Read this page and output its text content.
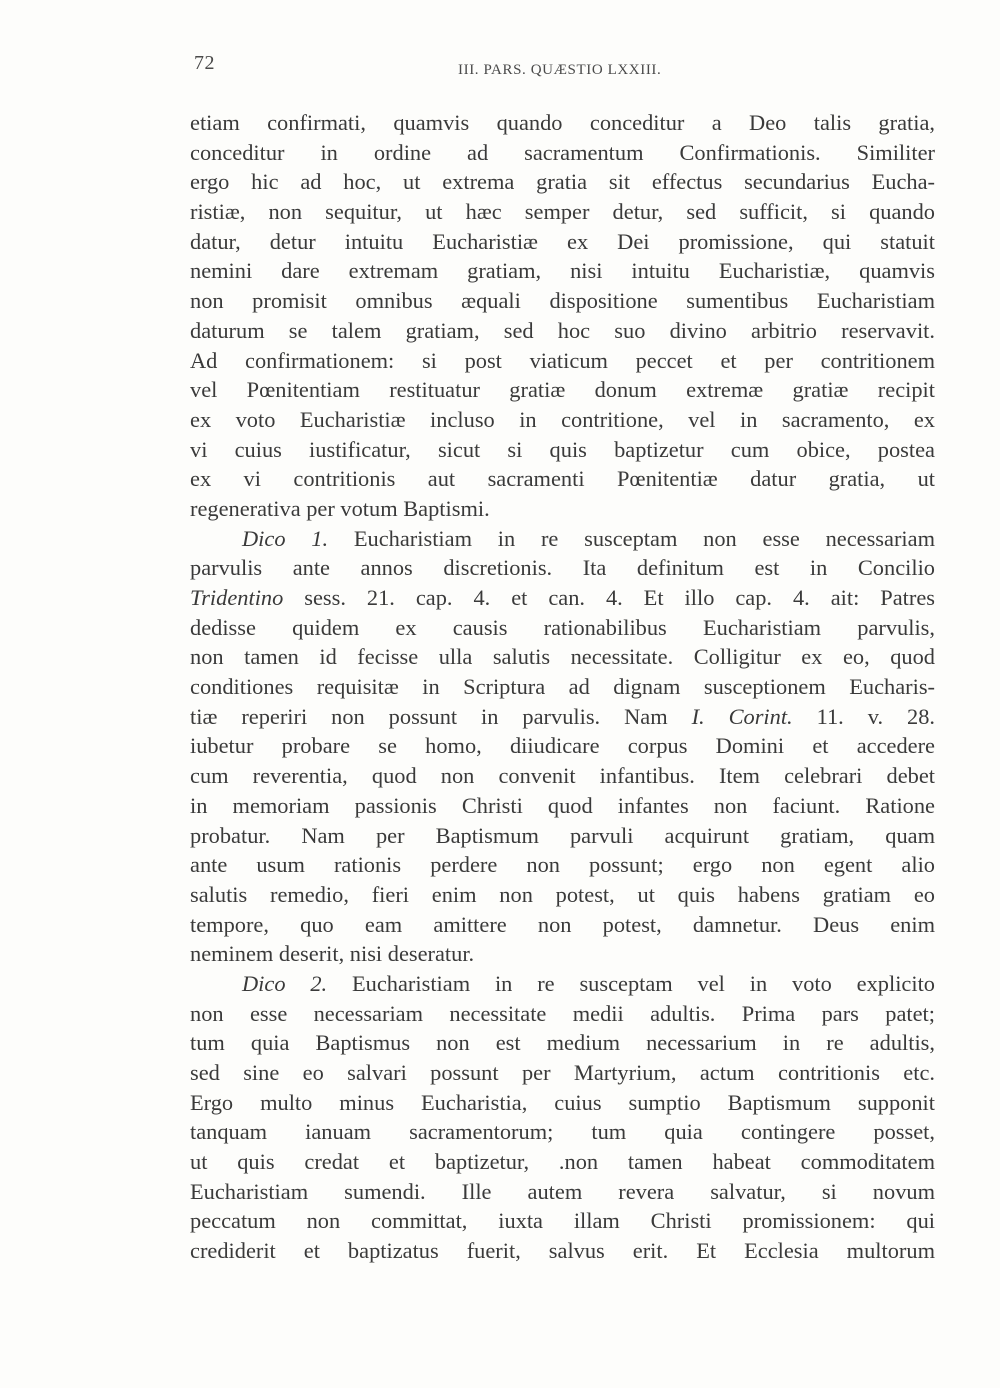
72	III. PARS. QUÆSTIO LXXIII.
etiam confirmati, quamvis quando conceditur a Deo talis gratia,
conceditur in ordine ad sacramentum Confirmationis. Similiter
ergo hic ad hoc, ut extrema gratia sit effectus secundarius Eucha-
ristiæ, non sequitur, ut hæc semper detur, sed sufficit, si quando
datur, detur intuitu Eucharistiæ ex Dei promissione, qui statuit
nemini dare extremam gratiam, nisi intuitu Eucharistiæ, quamvis
non promisit omnibus æquali dispositione sumentibus Eucharistiam
daturum se talem gratiam, sed hoc suo divino arbitrio reservavit.
Ad confirmationem: si post viaticum peccet et per contritionem
vel Pœnitentiam restituatur gratiæ donum extremæ gratiæ recipit
ex voto Eucharistiæ incluso in contritione, vel in sacramento, ex
vi cuius iustificatur, sicut si quis baptizetur cum obice, postea
ex vi contritionis aut sacramenti Pœnitentiæ datur gratia, ut
regenerativa per votum Baptismi.
Dico 1. Eucharistiam in re susceptam non esse necessariam
parvulis ante annos discretionis. Ita definitum est in Concilio
Tridentino sess. 21. cap. 4. et can. 4. Et illo cap. 4. ait: Patres
dedisse quidem ex causis rationabilibus Eucharistiam parvulis,
non tamen id fecisse ulla salutis necessitate. Colligitur ex eo, quod
conditiones requisitæ in Scriptura ad dignam susceptionem Eucharis-
tiæ reperiri non possunt in parvulis. Nam I. Corint. 11. v. 28.
iubetur probare se homo, diiudicare corpus Domini et accedere
cum reverentia, quod non convenit infantibus. Item celebrari debet
in memoriam passionis Christi quod infantes non faciunt. Ratione
probatur. Nam per Baptismum parvuli acquirunt gratiam, quam
ante usum rationis perdere non possunt; ergo non egent alio
salutis remedio, fieri enim non potest, ut quis habens gratiam eo
tempore, quo eam amittere non potest, damnetur. Deus enim
neminem deserit, nisi deseratur.
Dico 2. Eucharistiam in re susceptam vel in voto explicito
non esse necessariam necessitate medii adultis. Prima pars patet;
tum quia Baptismus non est medium necessarium in re adultis,
sed sine eo salvari possunt per Martyrium, actum contritionis etc.
Ergo multo minus Eucharistia, cuius sumptio Baptismum supponit
tanquam ianuam sacramentorum; tum quia contingere posset,
ut quis credat et baptizetur, .non tamen habeat commoditatem
Eucharistiam sumendi. Ille autem revera salvatur, si novum
peccatum non committat, iuxta illam Christi promissionem: qui
crediderit et baptizatus fuerit, salvus erit. Et Ecclesia multorum
